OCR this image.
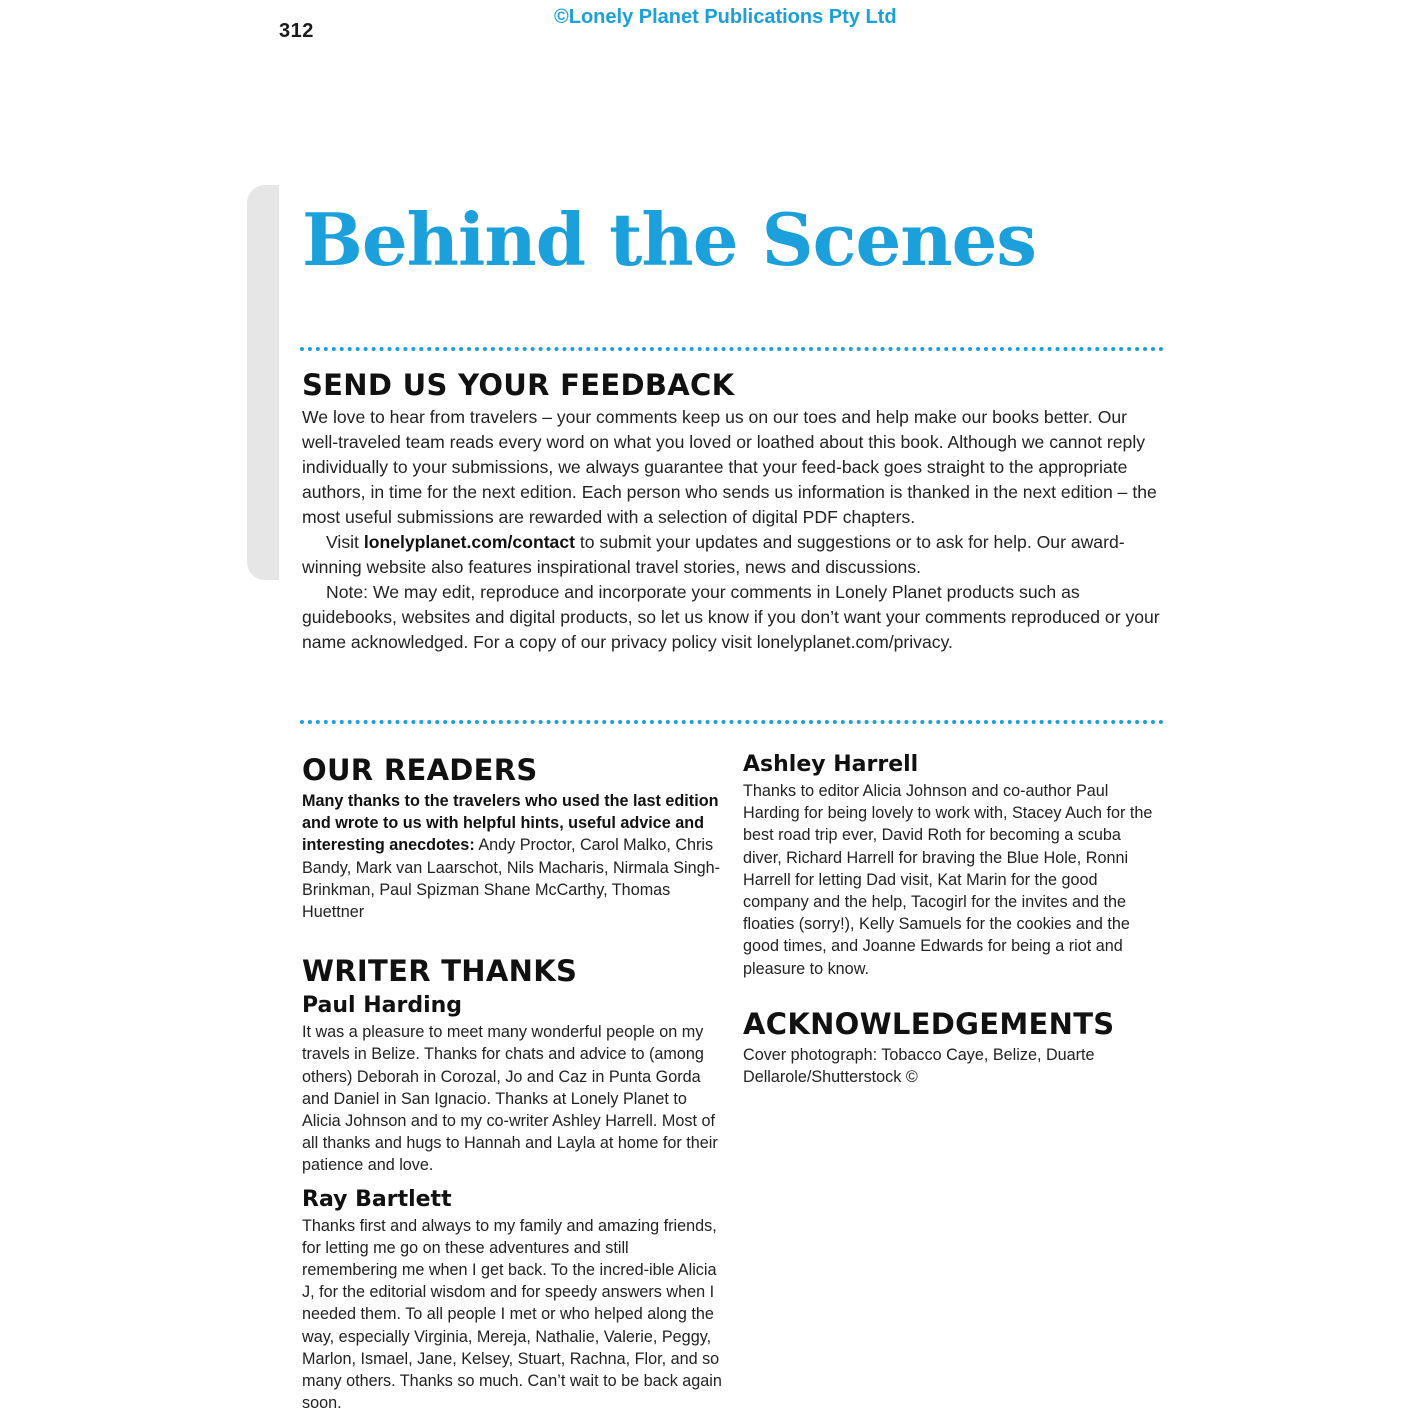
312
©Lonely Planet Publications Pty Ltd
Behind the Scenes
SEND US YOUR FEEDBACK

We love to hear from travelers – your comments keep us on our toes and help make our books better. Our well-traveled team reads every word on what you loved or loathed about this book. Although we cannot reply individually to your submissions, we always guarantee that your feed-back goes straight to the appropriate authors, in time for the next edition. Each person who sends us information is thanked in the next edition – the most useful submissions are rewarded with a selection of digital PDF chapters.

Visit lonelyplanet.com/contact to submit your updates and suggestions or to ask for help. Our award-winning website also features inspirational travel stories, news and discussions.

Note: We may edit, reproduce and incorporate your comments in Lonely Planet products such as guidebooks, websites and digital products, so let us know if you don’t want your comments reproduced or your name acknowledged. For a copy of our privacy policy visit lonelyplanet.com/privacy.

OUR READERS

Many thanks to the travelers who used the last edition and wrote to us with helpful hints, useful advice and interesting anecdotes: Andy Proctor, Carol Malko, Chris Bandy, Mark van Laarschot, Nils Macharis, Nirmala Singh-Brinkman, Paul Spizman Shane McCarthy, Thomas Huettner

WRITER THANKS
Paul Harding

It was a pleasure to meet many wonderful people on my travels in Belize. Thanks for chats and advice to (among others) Deborah in Corozal, Jo and Caz in Punta Gorda and Daniel in San Ignacio. Thanks at Lonely Planet to Alicia Johnson and to my co-writer Ashley Harrell. Most of all thanks and hugs to Hannah and Layla at home for their patience and love.

Ray Bartlett

Thanks first and always to my family and amazing friends, for letting me go on these adventures and still remembering me when I get back. To the incred-ible Alicia J, for the editorial wisdom and for speedy answers when I needed them. To all people I met or who helped along the way, especially Virginia, Mereja, Nathalie, Valerie, Peggy, Marlon, Ismael, Jane, Kelsey, Stuart, Rachna, Flor, and so many others. Thanks so much. Can’t wait to be back again soon.

Ashley Harrell

Thanks to editor Alicia Johnson and co-author Paul Harding for being lovely to work with, Stacey Auch for the best road trip ever, David Roth for becoming a scuba diver, Richard Harrell for braving the Blue Hole, Ronni Harrell for letting Dad visit, Kat Marin for the good company and the help, Tacogirl for the invites and the floaties (sorry!), Kelly Samuels for the cookies and the good times, and Joanne Edwards for being a riot and pleasure to know.

ACKNOWLEDGEMENTS

Cover photograph: Tobacco Caye, Belize, Duarte Dellarole/Shutterstock ©
